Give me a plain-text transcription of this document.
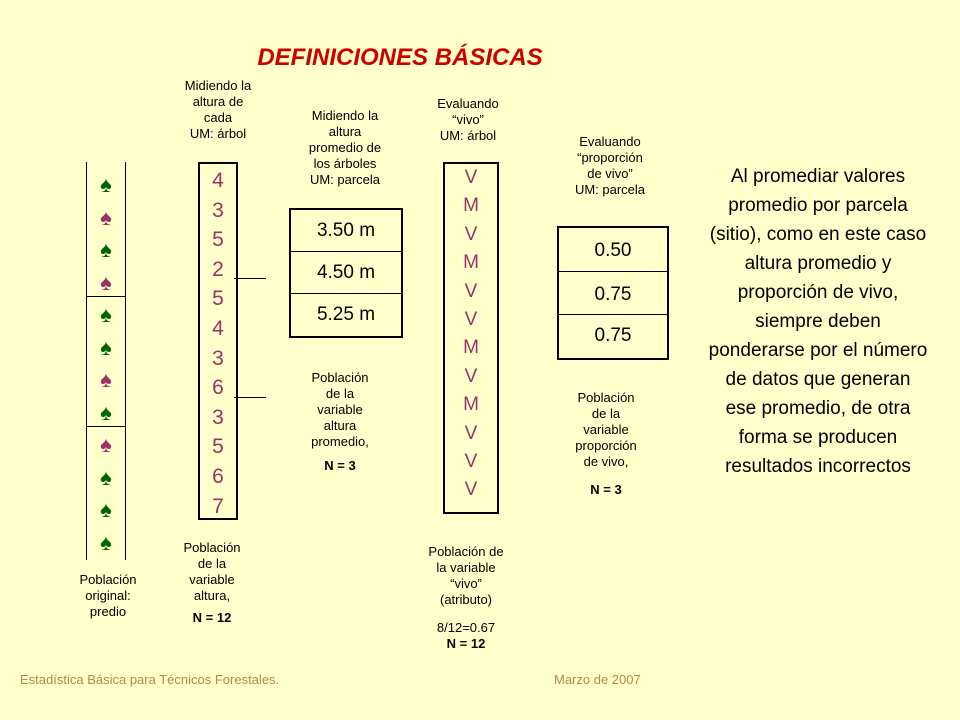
DEFINICIONES BÁSICAS
♠
♠
♠
♠
♠
♠
♠
♠
♠
♠
♠
♠
Población
original:
predio
Midiendo la
altura de
cada
UM: árbol
4
3
5
2
5
4
3
6
3
5
6
7
Población
de la
variable
altura,
N = 12
Midiendo la
altura
promedio de
los árboles
UM: parcela
3.50 m
4.50 m
5.25 m
Población
de la
variable
altura
promedio,
N = 3
Evaluando
“vivo”
UM: árbol
V
M
V
M
V
V
M
V
M
V
V
V
Población de
la variable
“vivo”
(atributo)
8/12=0.67
N = 12
Evaluando
“proporción
de vivo”
UM: parcela
0.50
0.75
0.75
Población
de la
variable
proporción
de vivo,
N = 3
Al promediar valores promedio por parcela (sitio), como en este caso altura promedio y proporción de vivo, siempre deben ponderarse por el número de datos que generan ese promedio, de otra forma se producen resultados incorrectos
Estadística Básica para Técnicos Forestales.	Marzo de 2007
